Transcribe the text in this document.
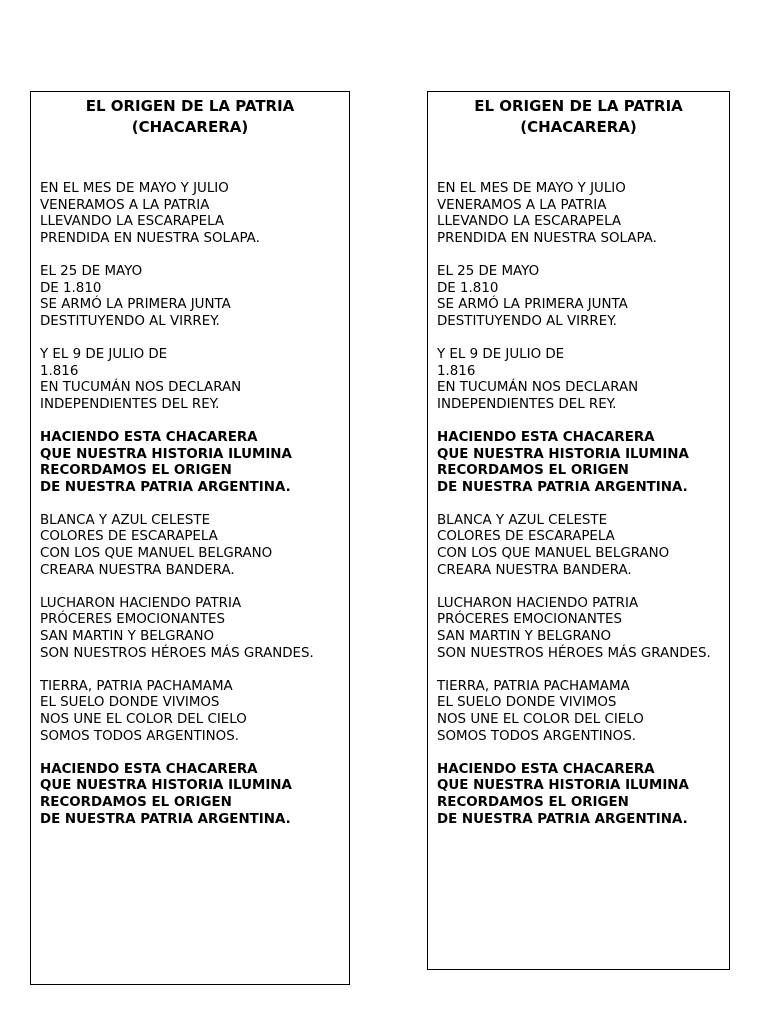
EL ORIGEN DE LA PATRIA
(CHACARERA)

EN EL MES DE MAYO Y JULIO
VENERAMOS A LA PATRIA
LLEVANDO LA ESCARAPELA
PRENDIDA EN NUESTRA SOLAPA.

EL 25 DE MAYO
DE 1.810
SE ARMÓ LA PRIMERA JUNTA
DESTITUYENDO AL VIRREY.

Y EL 9 DE JULIO DE
1.816
EN TUCUMÁN NOS DECLARAN
INDEPENDIENTES DEL REY.

HACIENDO ESTA CHACARERA
QUE NUESTRA HISTORIA ILUMINA
RECORDAMOS EL ORIGEN
DE NUESTRA PATRIA ARGENTINA.

BLANCA Y AZUL CELESTE
COLORES DE ESCARAPELA
CON LOS QUE MANUEL BELGRANO
CREARA NUESTRA BANDERA.

LUCHARON HACIENDO PATRIA
PRÓCERES EMOCIONANTES
SAN MARTIN Y BELGRANO
SON NUESTROS HÉROES MÁS GRANDES.

TIERRA, PATRIA PACHAMAMA
EL SUELO DONDE VIVIMOS
NOS UNE EL COLOR DEL CIELO
SOMOS TODOS ARGENTINOS.

HACIENDO ESTA CHACARERA
QUE NUESTRA HISTORIA ILUMINA
RECORDAMOS EL ORIGEN
DE NUESTRA PATRIA ARGENTINA.

EL ORIGEN DE LA PATRIA
(CHACARERA)

EN EL MES DE MAYO Y JULIO
VENERAMOS A LA PATRIA
LLEVANDO LA ESCARAPELA
PRENDIDA EN NUESTRA SOLAPA.

EL 25 DE MAYO
DE 1.810
SE ARMÓ LA PRIMERA JUNTA
DESTITUYENDO AL VIRREY.

Y EL 9 DE JULIO DE
1.816
EN TUCUMÁN NOS DECLARAN
INDEPENDIENTES DEL REY.

HACIENDO ESTA CHACARERA
QUE NUESTRA HISTORIA ILUMINA
RECORDAMOS EL ORIGEN
DE NUESTRA PATRIA ARGENTINA.

BLANCA Y AZUL CELESTE
COLORES DE ESCARAPELA
CON LOS QUE MANUEL BELGRANO
CREARA NUESTRA BANDERA.

LUCHARON HACIENDO PATRIA
PRÓCERES EMOCIONANTES
SAN MARTIN Y BELGRANO
SON NUESTROS HÉROES MÁS GRANDES.

TIERRA, PATRIA PACHAMAMA
EL SUELO DONDE VIVIMOS
NOS UNE EL COLOR DEL CIELO
SOMOS TODOS ARGENTINOS.

HACIENDO ESTA CHACARERA
QUE NUESTRA HISTORIA ILUMINA
RECORDAMOS EL ORIGEN
DE NUESTRA PATRIA ARGENTINA.
